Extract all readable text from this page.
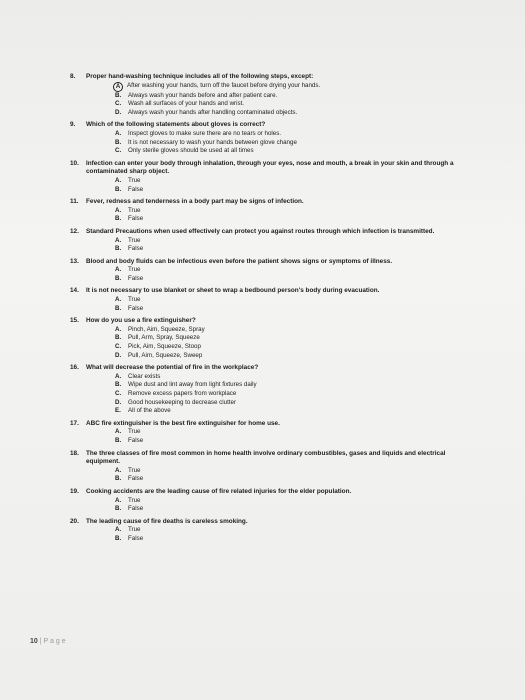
8.	Proper hand-washing technique includes all of the following steps, except:
A	After washing your hands, turn off the faucet before drying your hands.
B.	Always wash your hands before and after patient care.
C.	Wash all surfaces of your hands and wrist.
D.	Always wash your hands after handling contaminated objects.
9.	Which of the following statements about gloves is correct?
A.	Inspect gloves to make sure there are no tears or holes.
B.	It is not necessary to wash your hands between glove change
C.	Only sterile gloves should be used at all times
10.	Infection can enter your body through inhalation, through your eyes, nose and mouth, a break in your skin and through a contaminated sharp object.
A.	True
B.	False
11.	Fever, redness and tenderness in a body part may be signs of infection.
A.	True
B.	False
12.	Standard Precautions when used effectively can protect you against routes through which infection is transmitted.
A.	True
B.	False
13.	Blood and body fluids can be infectious even before the patient shows signs or symptoms of illness.
A.	True
B.	False
14.	It is not necessary to use blanket or sheet to wrap a bedbound person's body during evacuation.
A.	True
B.	False
15.	How do you use a fire extinguisher?
A.	Pinch, Aim, Squeeze, Spray
B.	Pull, Arm, Spray, Squeeze
C.	Pick, Aim, Squeeze, Stoop
D.	Pull, Aim, Squeeze, Sweep
16.	What will decrease the potential of fire in the workplace?
A.	Clear exists
B.	Wipe dust and lint away from light fixtures daily
C.	Remove excess papers from workplace
D.	Good housekeeping to decrease clutter
E.	All of the above
17.	ABC fire extinguisher is the best fire extinguisher for home use.
A.	True
B.	False
18.	The three classes of fire most common in home health involve ordinary combustibles, gases and liquids and electrical equipment.
A.	True
B.	False
19.	Cooking accidents are the leading cause of fire related injuries for the elder population.
A.	True
B.	False
20.	The leading cause of fire deaths is careless smoking.
A.	True
B.	False
10 | P a g e
